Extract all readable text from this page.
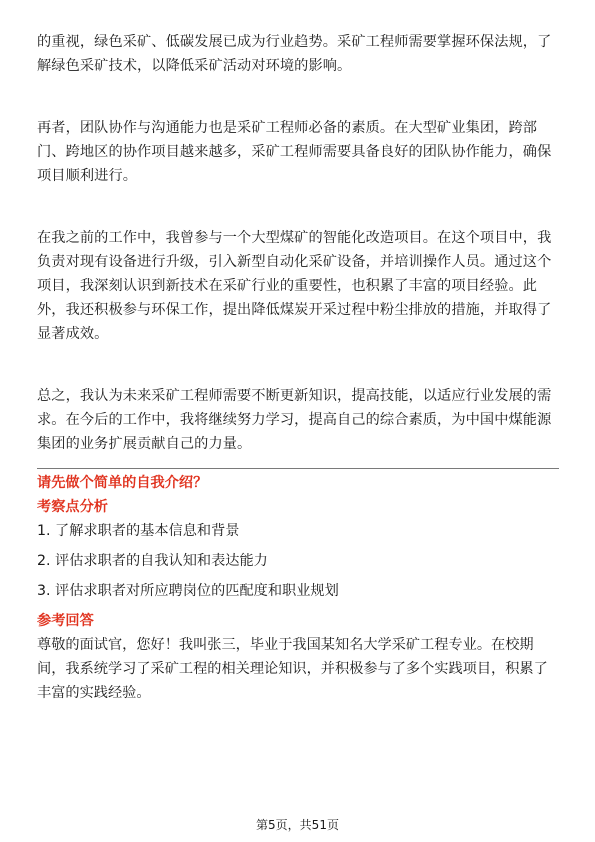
的重视，绿色采矿、低碳发展已成为行业趋势。采矿工程师需要掌握环保法规，了解绿色采矿技术，以降低采矿活动对环境的影响。

再者，团队协作与沟通能力也是采矿工程师必备的素质。在大型矿业集团，跨部门、跨地区的协作项目越来越多，采矿工程师需要具备良好的团队协作能力，确保项目顺利进行。

在我之前的工作中，我曾参与一个大型煤矿的智能化改造项目。在这个项目中，我负责对现有设备进行升级，引入新型自动化采矿设备，并培训操作人员。通过这个项目，我深刻认识到新技术在采矿行业的重要性，也积累了丰富的项目经验。此外，我还积极参与环保工作，提出降低煤炭开采过程中粉尘排放的措施，并取得了显著成效。

总之，我认为未来采矿工程师需要不断更新知识，提高技能，以适应行业发展的需求。在今后的工作中，我将继续努力学习，提高自己的综合素质，为中国中煤能源集团的业务扩展贡献自己的力量。

请先做个简单的自我介绍？

考察点分析

1. 了解求职者的基本信息和背景

2. 评估求职者的自我认知和表达能力

3. 评估求职者对所应聘岗位的匹配度和职业规划

参考回答

尊敬的面试官，您好！我叫张三，毕业于我国某知名大学采矿工程专业。在校期间，我系统学习了采矿工程的相关理论知识，并积极参与了多个实践项目，积累了丰富的实践经验。

第5页，共51页
